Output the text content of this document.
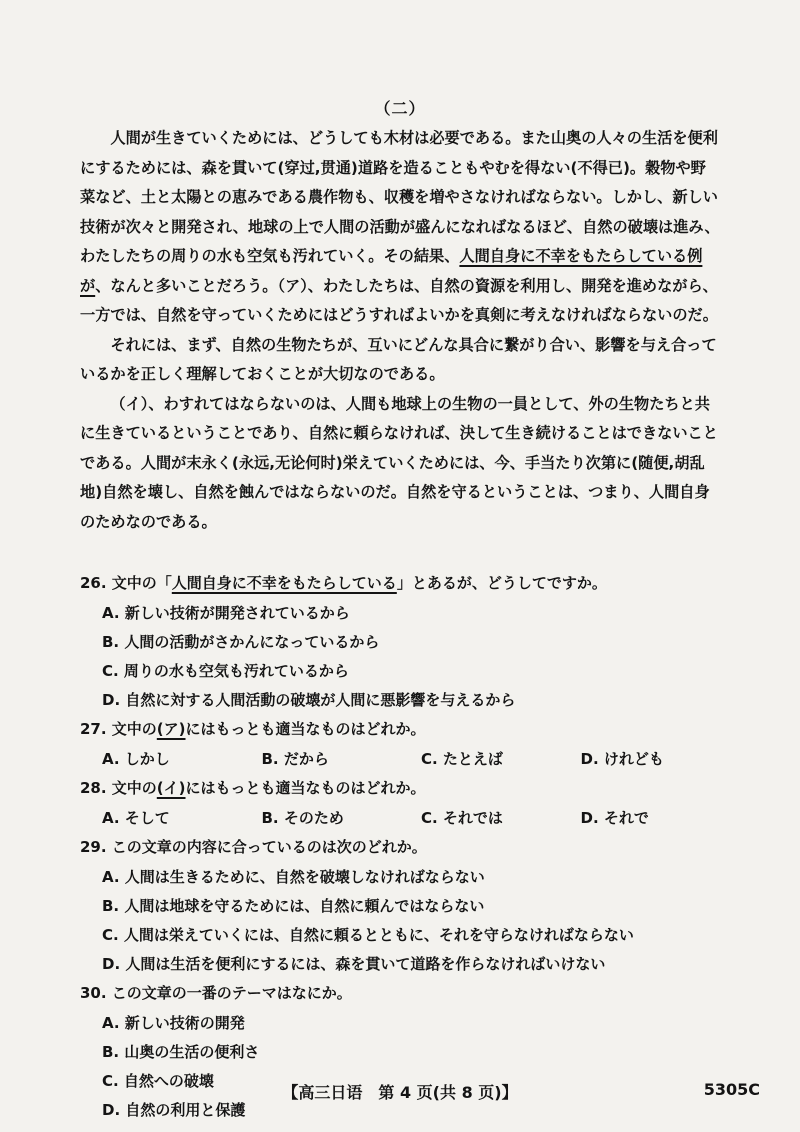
（二）

人間が生きていくためには、どうしても木材は必要である。また山奥の人々の生活を便利にするためには、森を貫いて(穿过,贯通)道路を造ることもやむを得ない(不得已)。穀物や野菜など、土と太陽との恵みである農作物も、収穫を増やさなければならない。しかし、新しい技術が次々と開発され、地球の上で人間の活動が盛んになればなるほど、自然の破壊は進み、わたしたちの周りの水も空気も汚れていく。その結果、人間自身に不幸をもたらしている例が、なんと多いことだろう。（ア）、わたしたちは、自然の資源を利用し、開発を進めながら、一方では、自然を守っていくためにはどうすればよいかを真剣に考えなければならないのだ。

それには、まず、自然の生物たちが、互いにどんな具合に繋がり合い、影響を与え合っているかを正しく理解しておくことが大切なのである。

（イ）、わすれてはならないのは、人間も地球上の生物の一員として、外の生物たちと共に生きているということであり、自然に頼らなければ、決して生き続けることはできないことである。人間が末永く(永远,无论何时)栄えていくためには、今、手当たり次第に(随便,胡乱地)自然を壊し、自然を蝕んではならないのだ。自然を守るということは、つまり、人間自身のためなのである。

26. 文中の「人間自身に不幸をもたらしている」とあるが、どうしてですか。
A. 新しい技術が開発されているから
B. 人間の活動がさかんになっているから
C. 周りの水も空気も汚れているから
D. 自然に対する人間活動の破壊が人間に悪影響を与えるから
27. 文中の(ア)にはもっとも適当なものはどれか。
A. しかし	B. だから	C. たとえば	D. けれども
28. 文中の(イ)にはもっとも適当なものはどれか。
A. そして	B. そのため	C. それでは	D. それで
29. この文章の内容に合っているのは次のどれか。
A. 人間は生きるために、自然を破壊しなければならない
B. 人間は地球を守るためには、自然に頼んではならない
C. 人間は栄えていくには、自然に頼るとともに、それを守らなければならない
D. 人間は生活を便利にするには、森を貫いて道路を作らなければいけない
30. この文章の一番のテーマはなにか。
A. 新しい技術の開発
B. 山奥の生活の便利さ
C. 自然への破壊
D. 自然の利用と保護
【高三日语　第 4 页(共 8 页)】	5305C
